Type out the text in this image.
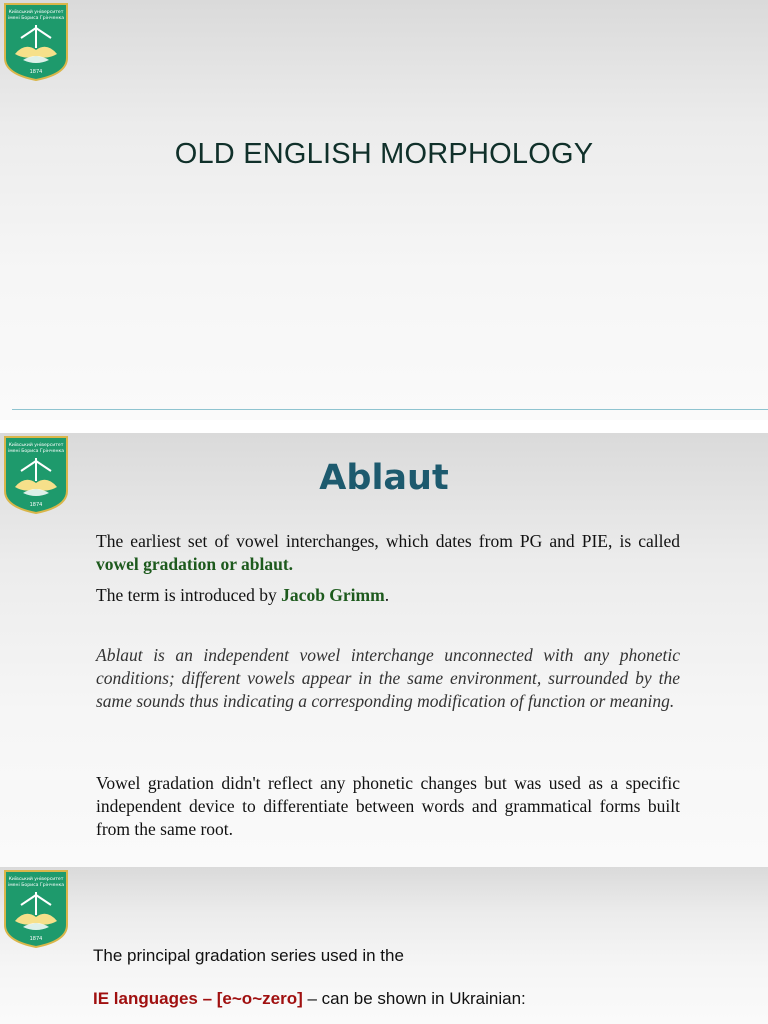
Київський університет
імені Бориса Грінченка
1874
OLD ENGLISH MORPHOLOGY
Київський університет
імені Бориса Грінченка
1874
Ablaut

The earliest set of vowel interchanges, which dates from PG and PIE, is called vowel gradation or ablaut.

The term is introduced by Jacob Grimm.

Ablaut is an independent vowel interchange unconnected with any phonetic conditions; different vowels appear in the same environment, surrounded by the same sounds thus indicating a corresponding modification of function or meaning.

Vowel gradation didn't reflect any phonetic changes but was used as a specific independent device to differentiate between words and grammatical forms built from the same root.

Київський університет
імені Бориса Грінченка
1874
The principal gradation series used in the
IE languages – [e~o~zero] – can be shown in Ukrainian:
